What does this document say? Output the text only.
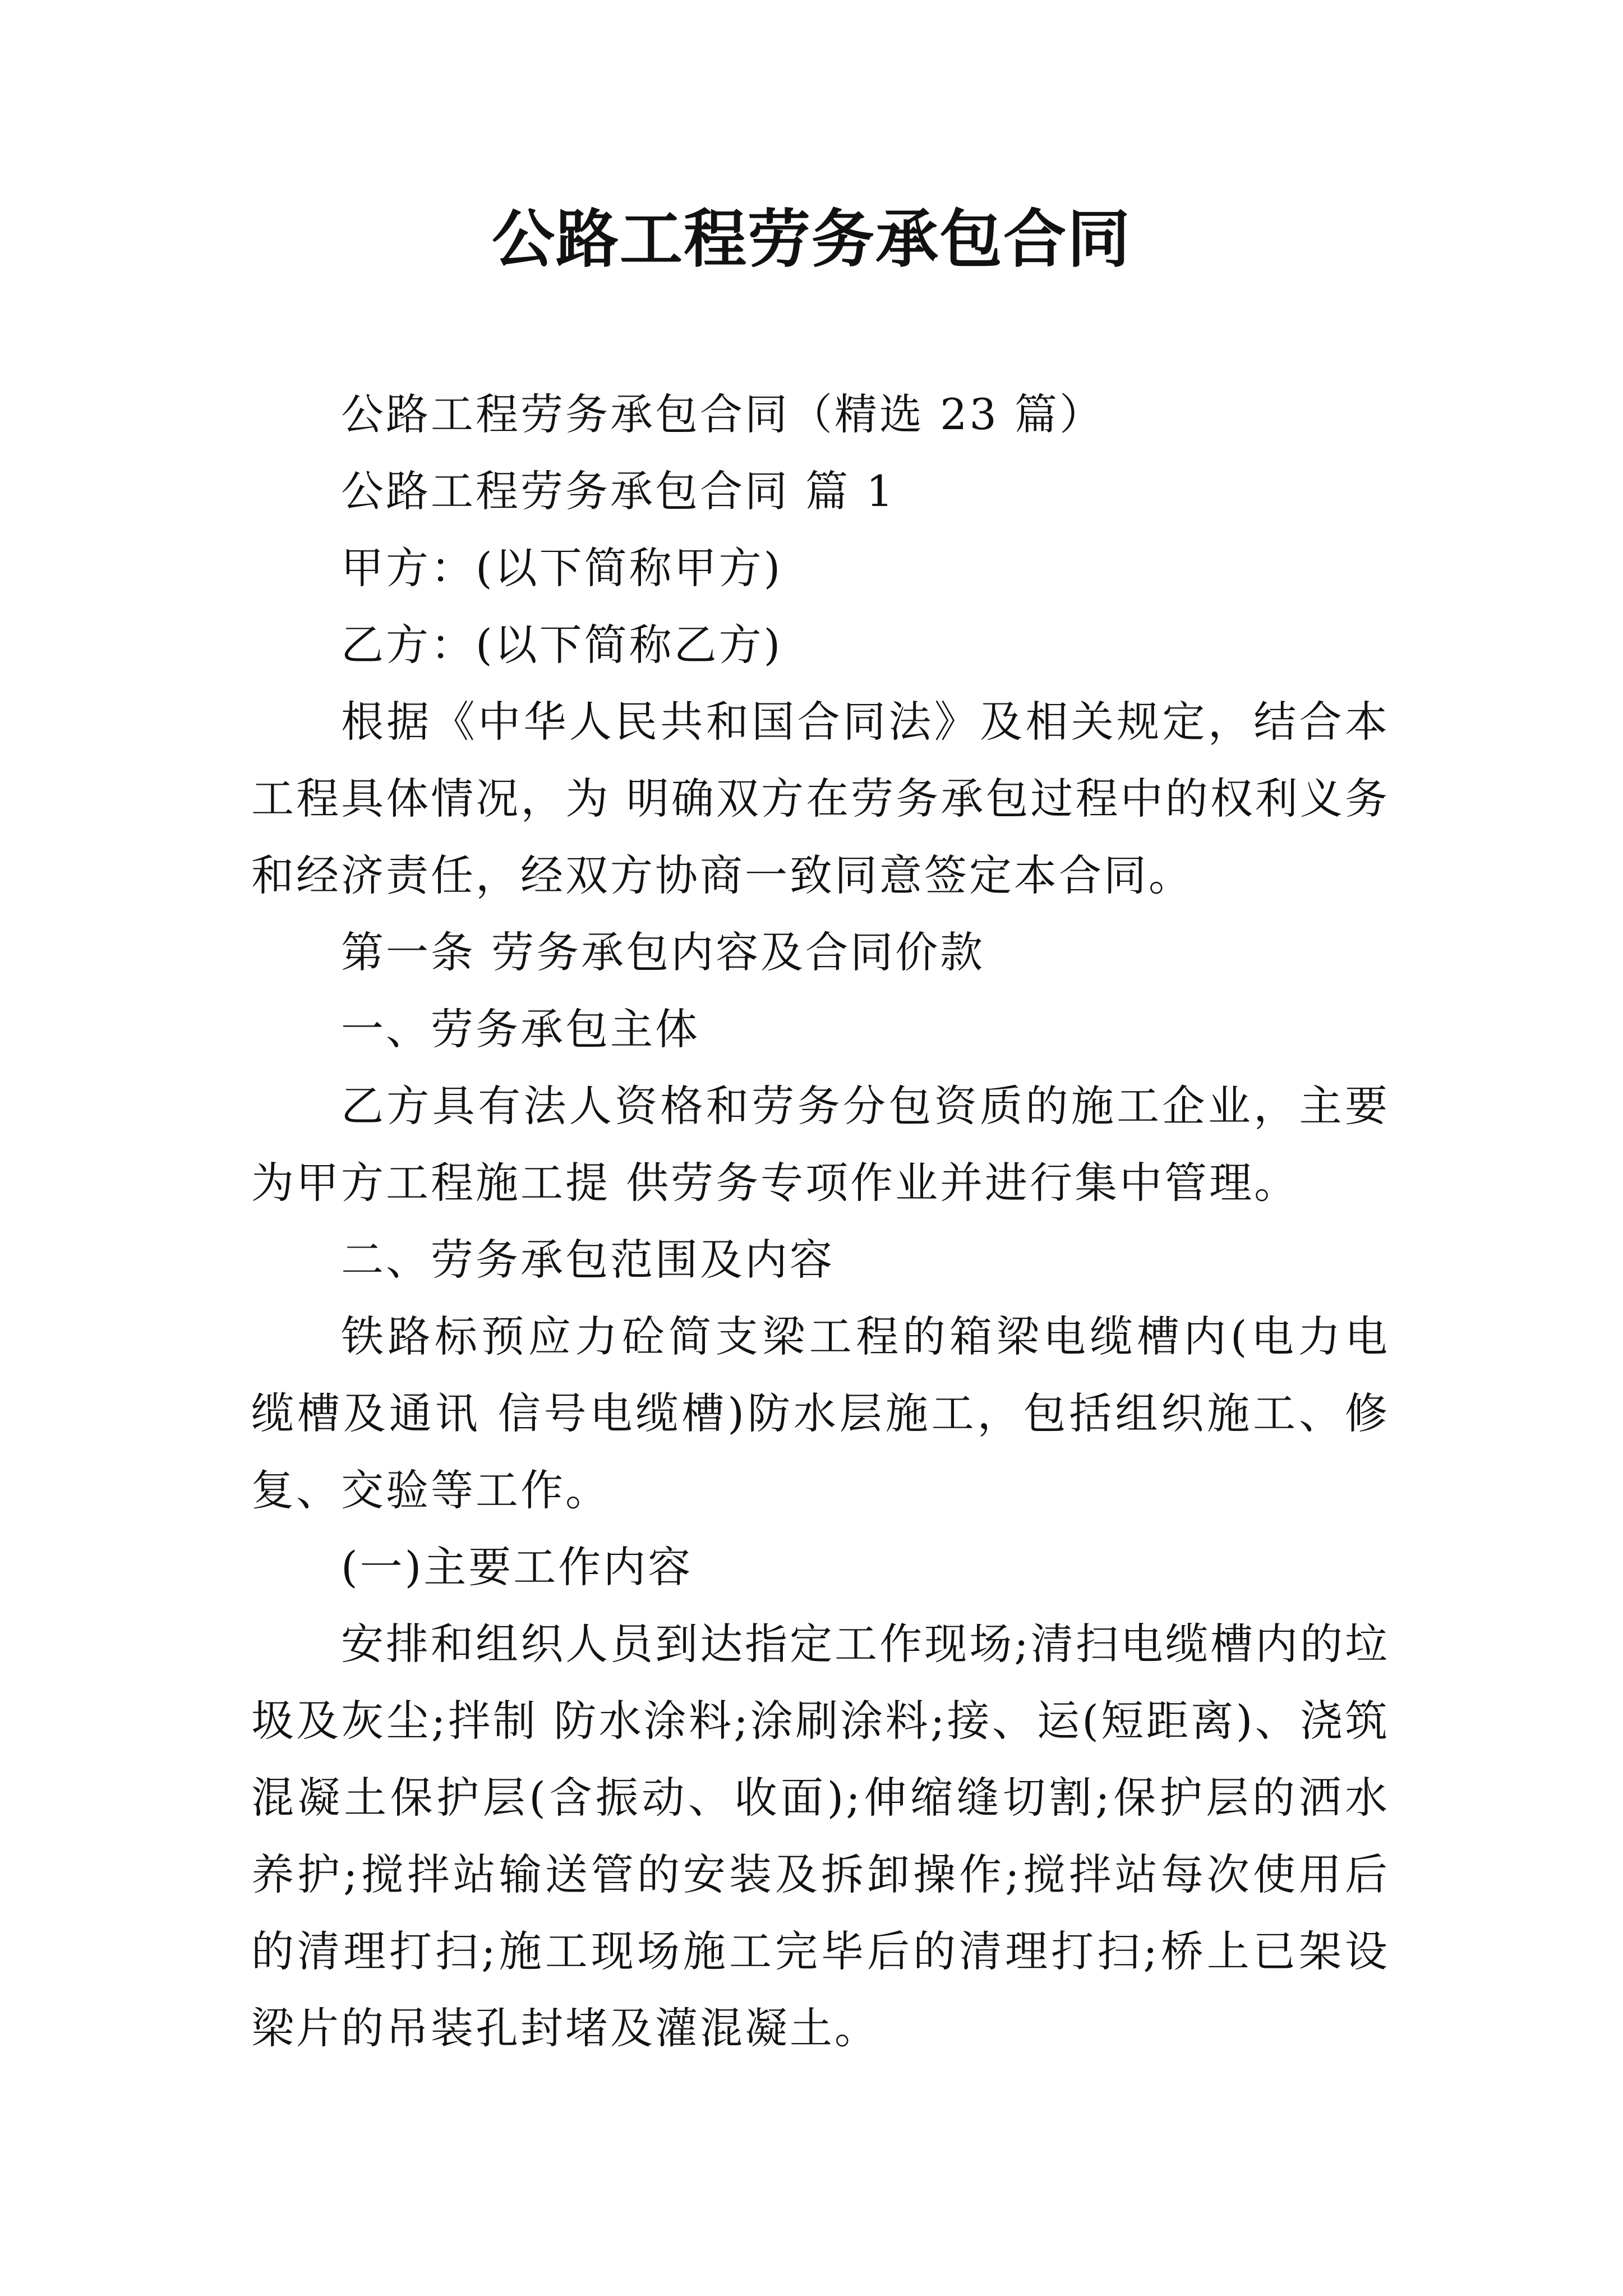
公路工程劳务承包合同

公路工程劳务承包合同（精选 23 篇）

公路工程劳务承包合同 篇 1

甲方：(以下简称甲方)

乙方：(以下简称乙方)

根据《中华人民共和国合同法》及相关规定，结合本工程具体情况，为 明确双方在劳务承包过程中的权利义务和经济责任，经双方协商一致同意签定本合同。

第一条 劳务承包内容及合同价款

一、劳务承包主体

乙方具有法人资格和劳务分包资质的施工企业，主要为甲方工程施工提 供劳务专项作业并进行集中管理。

二、劳务承包范围及内容

铁路标预应力砼简支梁工程的箱梁电缆槽内(电力电缆槽及通讯 信号电缆槽)防水层施工，包括组织施工、修复、交验等工作。

(一)主要工作内容

安排和组织人员到达指定工作现场;清扫电缆槽内的垃圾及灰尘;拌制 防水涂料;涂刷涂料;接、运(短距离)、浇筑混凝土保护层(含振动、收面);伸缩缝切割;保护层的洒水养护;搅拌站输送管的安装及拆卸操作;搅拌站每次使用后的清理打扫;施工现场施工完毕后的清理打扫;桥上已架设梁片的吊装孔封堵及灌混凝土。
